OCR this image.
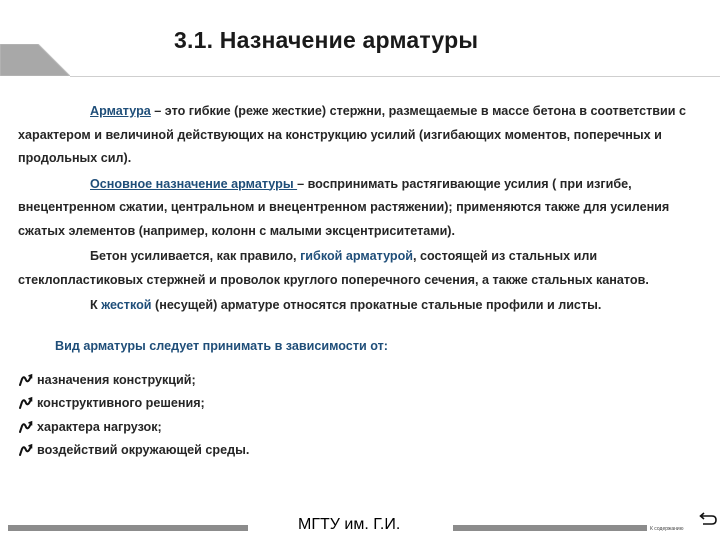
3.1. Назначение арматуры
Арматура – это гибкие (реже жесткие) стержни, размещаемые в массе бетона в соответствии с характером и величиной действующих на конструкцию усилий (изгибающих моментов, поперечных и продольных сил).
Основное назначение арматуры – воспринимать растягивающие усилия ( при изгибе, внецентренном сжатии, центральном и внецентренном растяжении); применяются также для усиления сжатых элементов (например, колонн с малыми эксцентриситетами).
Бетон усиливается, как правило, гибкой арматурой, состоящей из стальных или стеклопластиковых стержней и проволок круглого поперечного сечения, а также стальных канатов.
К жесткой (несущей) арматуре относятся прокатные стальные профили и листы.
Вид арматуры следует принимать в зависимости от:
назначения конструкций;
конструктивного решения;
характера нагрузок;
воздействий окружающей среды.
МГТУ им. Г.И.	К содержанию
